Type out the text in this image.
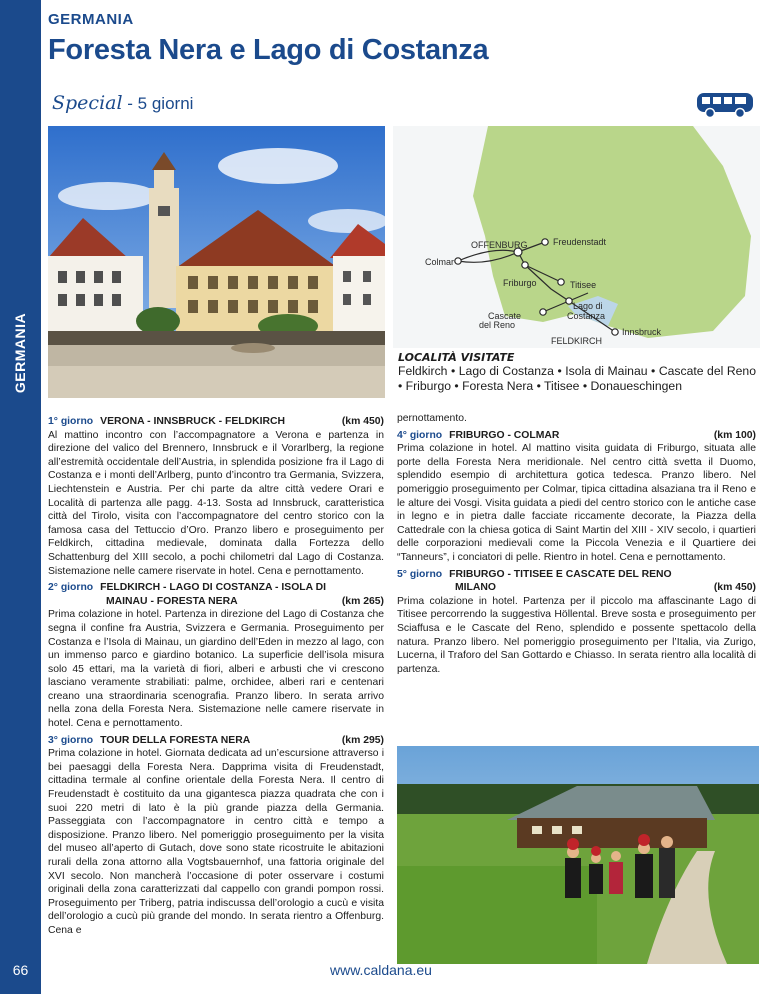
GERMANIA
GERMANIA
Foresta Nera e Lago di Costanza
Special - 5 giorni
OFFENBURG	Freudenstadt
Colmar
Friburgo	Titisee
Lago di
Costanza
Cascate
del Reno
Innsbruck
FELDKIRCH
LOCALITÀ VISITATE
Feldkirch • Lago di Costanza • Isola di Mainau • Cascate del Reno • Friburgo • Foresta Nera • Titisee • Donaueschingen
1° giorno VERONA - INNSBRUCK - FELDKIRCH	(km 450)

Al mattino incontro con l’accompagnatore a Verona e partenza in direzione del valico del Brennero, Innsbruck e il Vorarlberg, la regione all’estremità occidentale dell’Austria, in splendida posizione fra il Lago di Costanza e i monti dell’Arlberg, punto d’incontro tra Germania, Svizzera, Liechtenstein e Austria. Per chi parte da altre città vedere Orari e Località di partenza alle pagg. 4-13. Sosta ad Innsbruck, caratteristica città del Tirolo, visita con l’accompagnatore del centro storico con la famosa casa del Tettuccio d’Oro. Pranzo libero e proseguimento per Feldkirch, cittadina medievale, dominata dalla Fortezza dello Schattenburg del XIII secolo, a pochi chilometri dal Lago di Costanza. Sistemazione nelle camere riservate in hotel. Cena e pernottamento.

2° giorno FELDKIRCH - LAGO DI COSTANZA - ISOLA DI
MAINAU - FORESTA NERA	(km 265)

Prima colazione in hotel. Partenza in direzione del Lago di Costanza che segna il confine fra Austria, Svizzera e Germania. Proseguimento per Costanza e l’Isola di Mainau, un giardino dell’Eden in mezzo al lago, con un immenso parco e giardino botanico. La superficie dell’isola misura solo 45 ettari, ma la varietà di fiori, alberi e arbusti che vi crescono lasciano veramente strabiliati: palme, orchidee, alberi rari e centenari creano una straordinaria scenografia. Pranzo libero. In serata arrivo nella zona della Foresta Nera. Sistemazione nelle camere riservate in hotel. Cena e pernottamento.

3° giorno TOUR DELLA FORESTA NERA	(km 295)

Prima colazione in hotel. Giornata dedicata ad un’escursione attraverso i bei paesaggi della Foresta Nera. Dapprima visita di Freudenstadt, cittadina termale al confine orientale della Foresta Nera. Il centro di Freudenstadt è costituito da una gigantesca piazza quadrata che con i suoi 220 metri di lato è la più grande piazza della Germania. Passeggiata con l’accompagnatore in centro città e tempo a disposizione. Pranzo libero. Nel pomeriggio proseguimento per la visita del museo all’aperto di Gutach, dove sono state ricostruite le abitazioni rurali della zona attorno alla Vogtsbauernhof, una fattoria originale del XVI secolo. Non mancherà l’occasione di poter osservare i costumi originali della zona caratterizzati dal cappello con grandi pompon rossi. Proseguimento per Triberg, patria indiscussa dell’orologio a cucù e visita dell’orologio a cucù più grande del mondo. In serata rientro a Offenburg. Cena e

pernottamento.

4° giorno FRIBURGO - COLMAR	(km 100)

Prima colazione in hotel. Al mattino visita guidata di Friburgo, situata alle porte della Foresta Nera meridionale. Nel centro città svetta il Duomo, splendido esempio di architettura gotica tedesca. Pranzo libero. Nel pomeriggio proseguimento per Colmar, tipica cittadina alsaziana tra il Reno e le alture dei Vosgi. Visita guidata a piedi del centro storico con le antiche case in legno e in pietra dalle facciate riccamente decorate, la Piazza della Cattedrale con la chiesa gotica di Saint Martin del XIII - XIV secolo, i quartieri delle corporazioni medievali come la Piccola Venezia e il Quartiere dei “Tanneurs”, i conciatori di pelle. Rientro in hotel. Cena e pernottamento.

5° giorno FRIBURGO - TITISEE E CASCATE DEL RENO
MILANO	(km 450)

Prima colazione in hotel. Partenza per il piccolo ma affascinante Lago di Titisee percorrendo la suggestiva Höllental. Breve sosta e proseguimento per Sciaffusa e le Cascate del Reno, splendido e possente spettacolo della natura. Pranzo libero. Nel pomeriggio proseguimento per l’Italia, via Zurigo, Lucerna, il Traforo del San Gottardo e Chiasso. In serata rientro alla località di partenza.

66	www.caldana.eu
